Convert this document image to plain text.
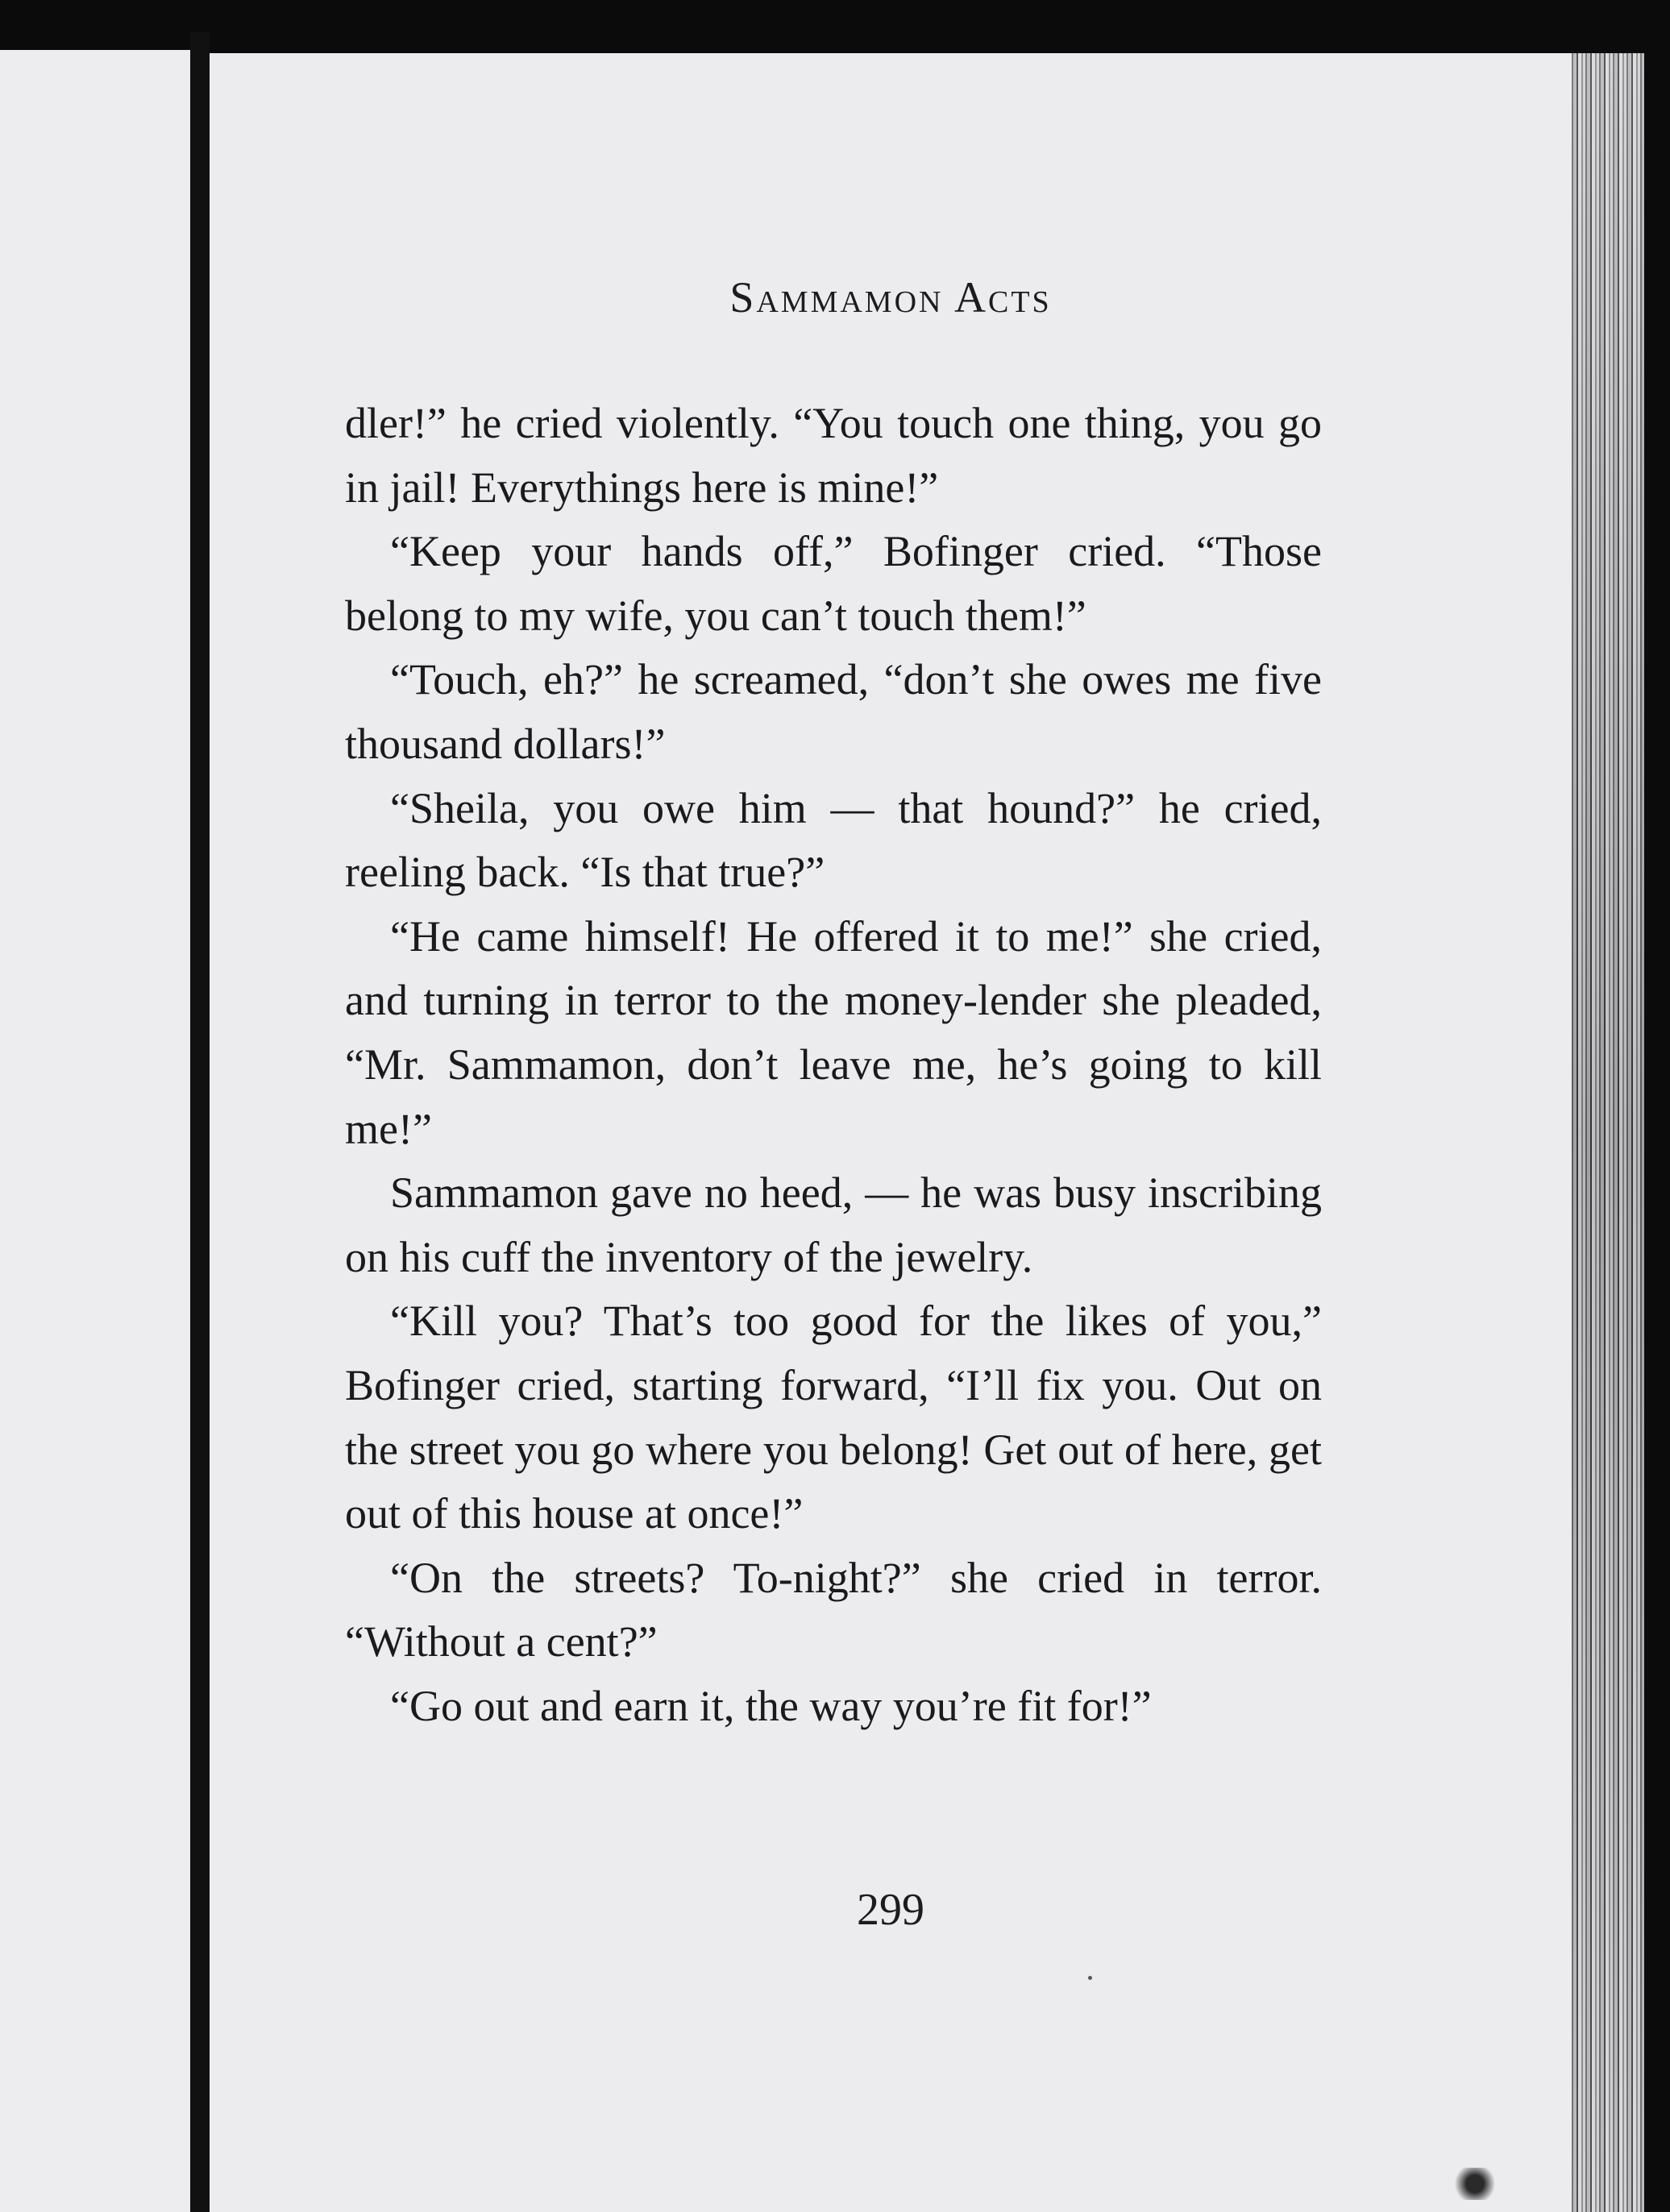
Sammamon Acts

dler!” he cried violently. “You touch one thing, you go in jail! Everythings here is mine!”

“Keep your hands off,” Bofinger cried. “Those belong to my wife, you can’t touch them!”

“Touch, eh?” he screamed, “don’t she owes me five thousand dollars!”

“Sheila, you owe him — that hound?” he cried, reeling back. “Is that true?”

“He came himself! He offered it to me!” she cried, and turning in terror to the money-lender she pleaded, “Mr. Sammamon, don’t leave me, he’s going to kill me!”

Sammamon gave no heed, — he was busy inscribing on his cuff the inventory of the jewelry.

“Kill you? That’s too good for the likes of you,” Bofinger cried, starting forward, “I’ll fix you. Out on the street you go where you belong! Get out of here, get out of this house at once!”

“On the streets? To-night?” she cried in terror. “Without a cent?”

“Go out and earn it, the way you’re fit for!”

299
